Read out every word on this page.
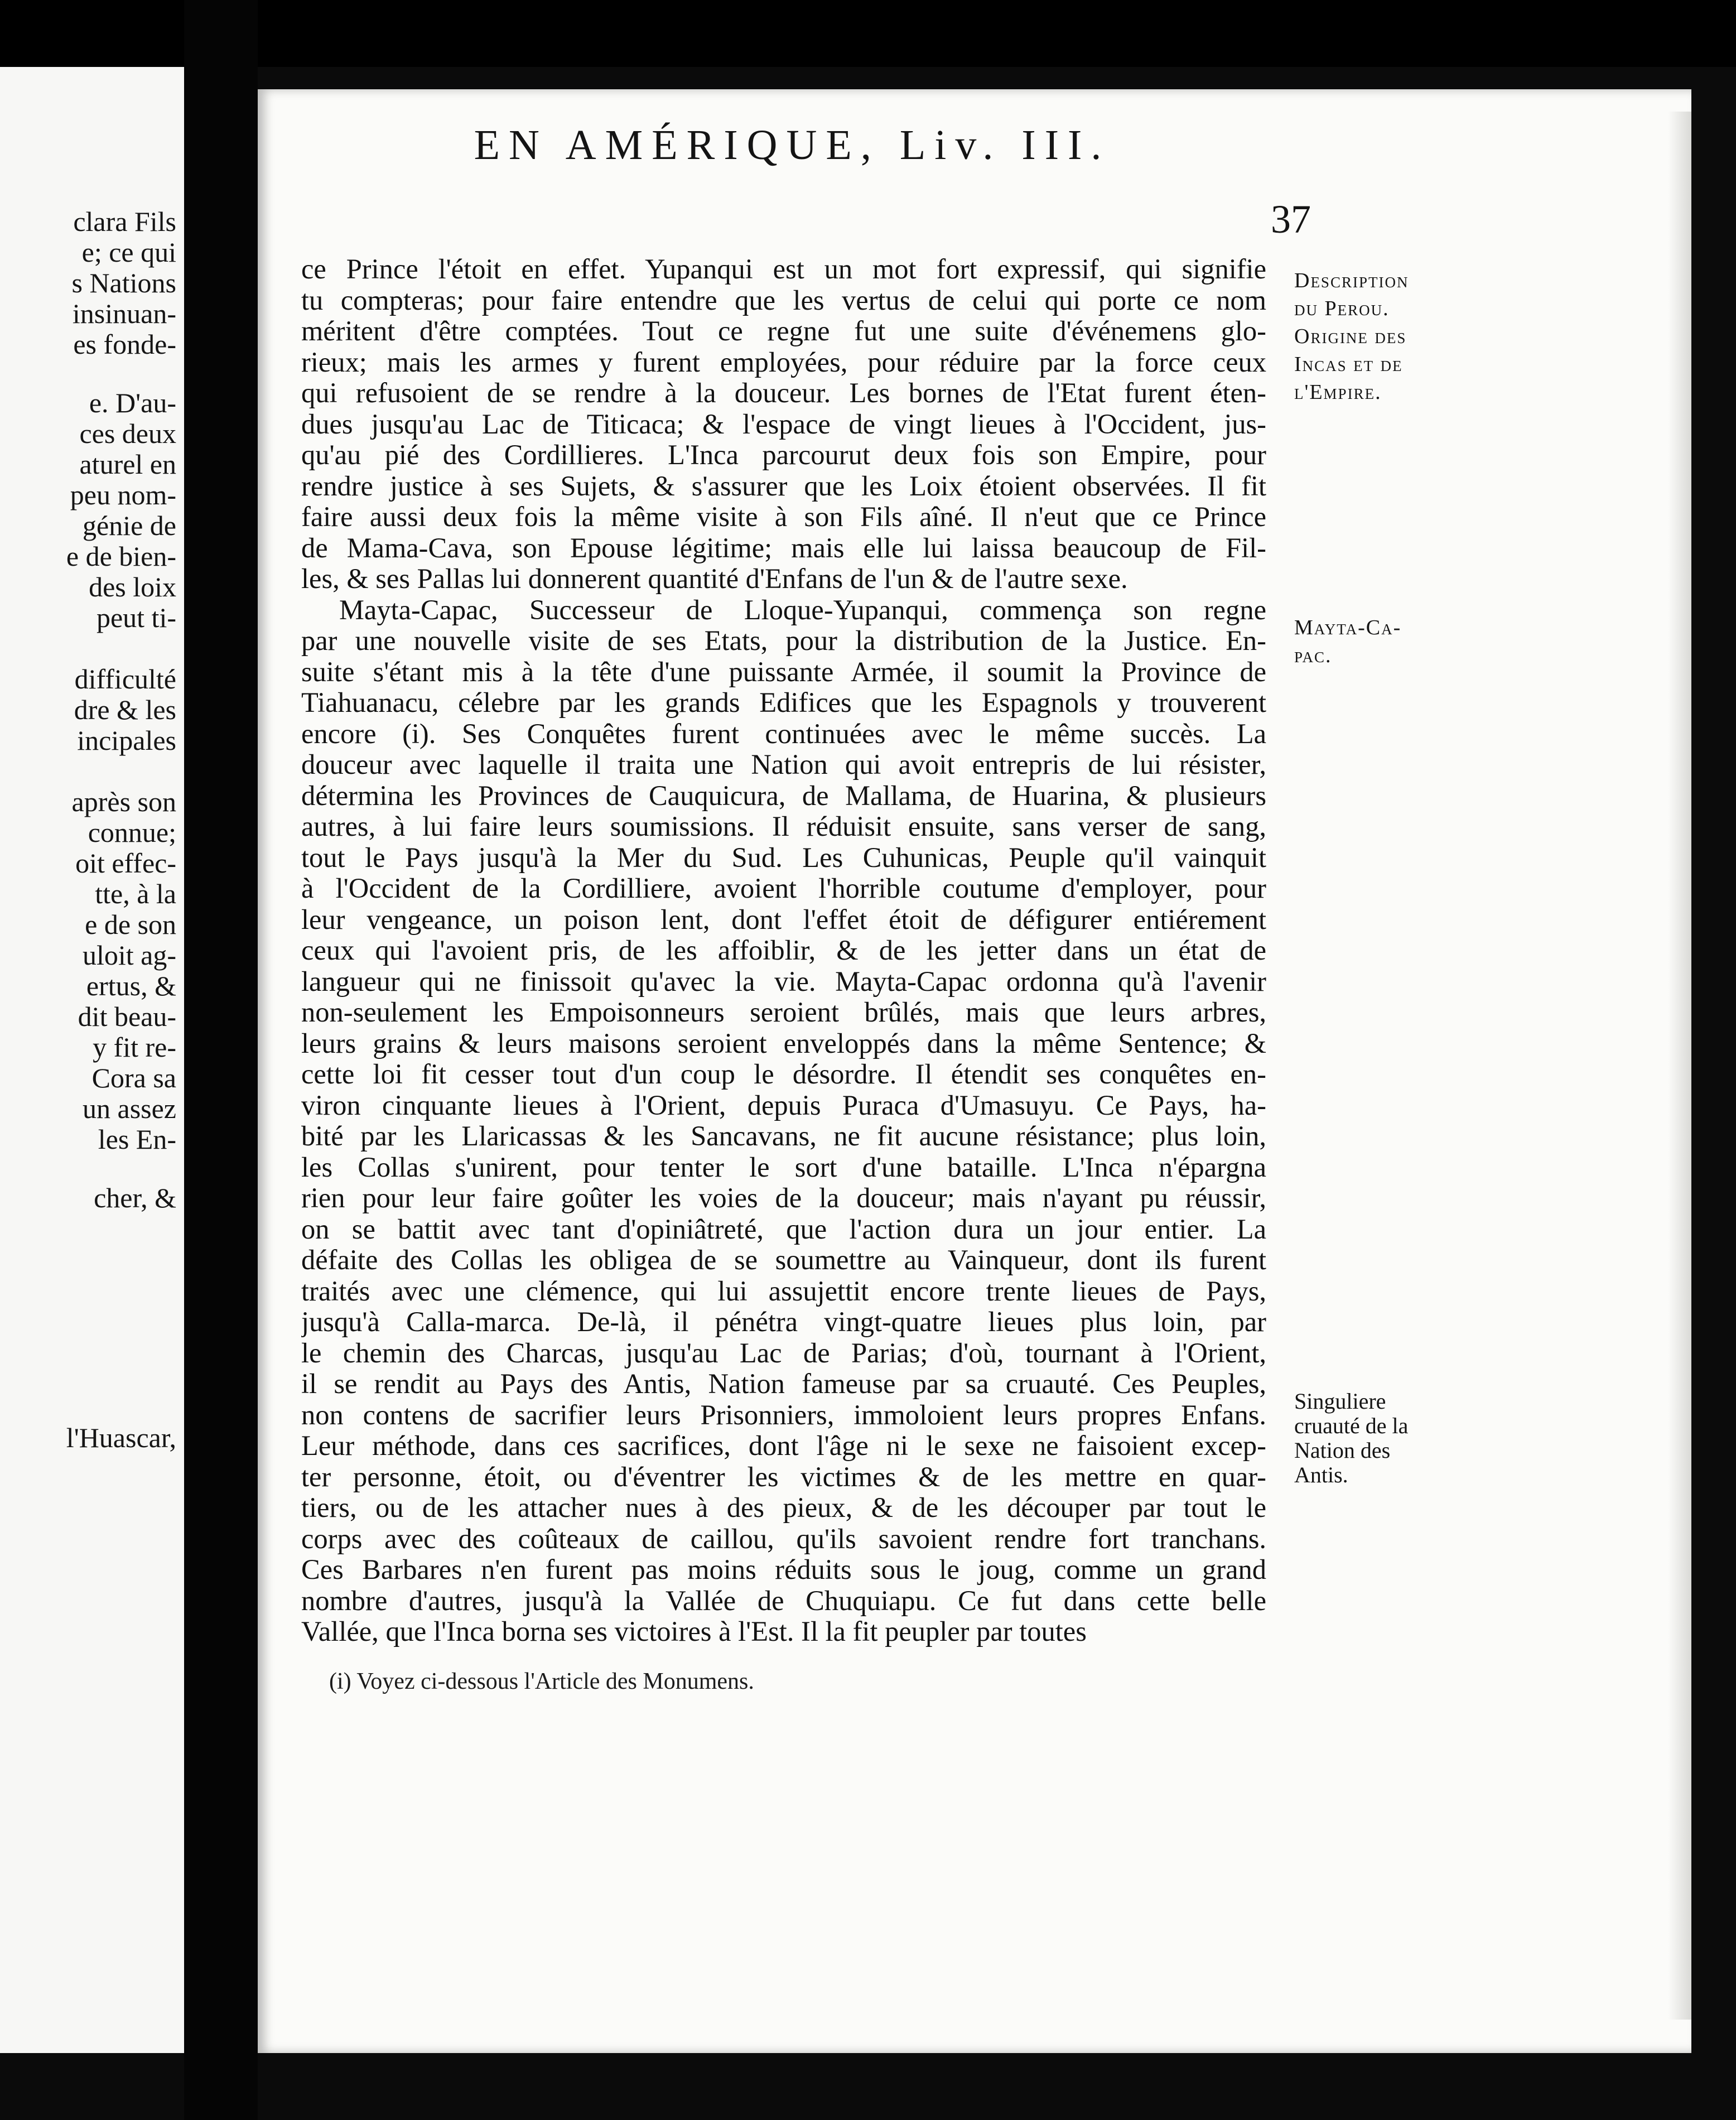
clara Fils
e; ce qui
s Nations
insinuan-
es fonde-
e. D'au-
ces deux
aturel en
peu nom-
génie de
e de bien-
des loix
peut ti-
difficulté
dre & les
incipales
après son
connue;
oit effec-
tte, à la
e de son
uloit ag-
ertus, &
dit beau-
y fit re-
Cora sa
un assez
les En-
cher, &
l'Huascar,
EN AMÉRIQUE, Liv. III.
37
ce Prince l'étoit en effet. Yupanqui est un mot fort expressif, qui signifie
tu compteras; pour faire entendre que les vertus de celui qui porte ce nom
méritent d'être comptées. Tout ce regne fut une suite d'événemens glo-
rieux; mais les armes y furent employées, pour réduire par la force ceux
qui refusoient de se rendre à la douceur. Les bornes de l'Etat furent éten-
dues jusqu'au Lac de Titicaca; & l'espace de vingt lieues à l'Occident, jus-
qu'au pié des Cordillieres. L'Inca parcourut deux fois son Empire, pour
rendre justice à ses Sujets, & s'assurer que les Loix étoient observées. Il fit
faire aussi deux fois la même visite à son Fils aîné. Il n'eut que ce Prince
de Mama-Cava, son Epouse légitime; mais elle lui laissa beaucoup de Fil-
les, & ses Pallas lui donnerent quantité d'Enfans de l'un & de l'autre sexe.
Mayta-Capac, Successeur de Lloque-Yupanqui, commença son regne
par une nouvelle visite de ses Etats, pour la distribution de la Justice. En-
suite s'étant mis à la tête d'une puissante Armée, il soumit la Province de
Tiahuanacu, célebre par les grands Edifices que les Espagnols y trouverent
encore (i). Ses Conquêtes furent continuées avec le même succès. La
douceur avec laquelle il traita une Nation qui avoit entrepris de lui résister,
détermina les Provinces de Cauquicura, de Mallama, de Huarina, & plusieurs
autres, à lui faire leurs soumissions. Il réduisit ensuite, sans verser de sang,
tout le Pays jusqu'à la Mer du Sud. Les Cuhunicas, Peuple qu'il vainquit
à l'Occident de la Cordilliere, avoient l'horrible coutume d'employer, pour
leur vengeance, un poison lent, dont l'effet étoit de défigurer entiérement
ceux qui l'avoient pris, de les affoiblir, & de les jetter dans un état de
langueur qui ne finissoit qu'avec la vie. Mayta-Capac ordonna qu'à l'avenir
non-seulement les Empoisonneurs seroient brûlés, mais que leurs arbres,
leurs grains & leurs maisons seroient enveloppés dans la même Sentence; &
cette loi fit cesser tout d'un coup le désordre. Il étendit ses conquêtes en-
viron cinquante lieues à l'Orient, depuis Puraca d'Umasuyu. Ce Pays, ha-
bité par les Llaricassas & les Sancavans, ne fit aucune résistance; plus loin,
les Collas s'unirent, pour tenter le sort d'une bataille. L'Inca n'épargna
rien pour leur faire goûter les voies de la douceur; mais n'ayant pu réussir,
on se battit avec tant d'opiniâtreté, que l'action dura un jour entier. La
défaite des Collas les obligea de se soumettre au Vainqueur, dont ils furent
traités avec une clémence, qui lui assujettit encore trente lieues de Pays,
jusqu'à Calla-marca. De-là, il pénétra vingt-quatre lieues plus loin, par
le chemin des Charcas, jusqu'au Lac de Parias; d'où, tournant à l'Orient,
il se rendit au Pays des Antis, Nation fameuse par sa cruauté. Ces Peuples,
non contens de sacrifier leurs Prisonniers, immoloient leurs propres Enfans.
Leur méthode, dans ces sacrifices, dont l'âge ni le sexe ne faisoient excep-
ter personne, étoit, ou d'éventrer les victimes & de les mettre en quar-
tiers, ou de les attacher nues à des pieux, & de les découper par tout le
corps avec des coûteaux de caillou, qu'ils savoient rendre fort tranchans.
Ces Barbares n'en furent pas moins réduits sous le joug, comme un grand
nombre d'autres, jusqu'à la Vallée de Chuquiapu. Ce fut dans cette belle
Vallée, que l'Inca borna ses victoires à l'Est. Il la fit peupler par toutes
(i) Voyez ci-dessous l'Article des Monumens.
Description
du Perou.
Origine des
Incas et de
l'Empire.
Mayta-Ca-
pac.
Singuliere
cruauté de la
Nation des
Antis.
